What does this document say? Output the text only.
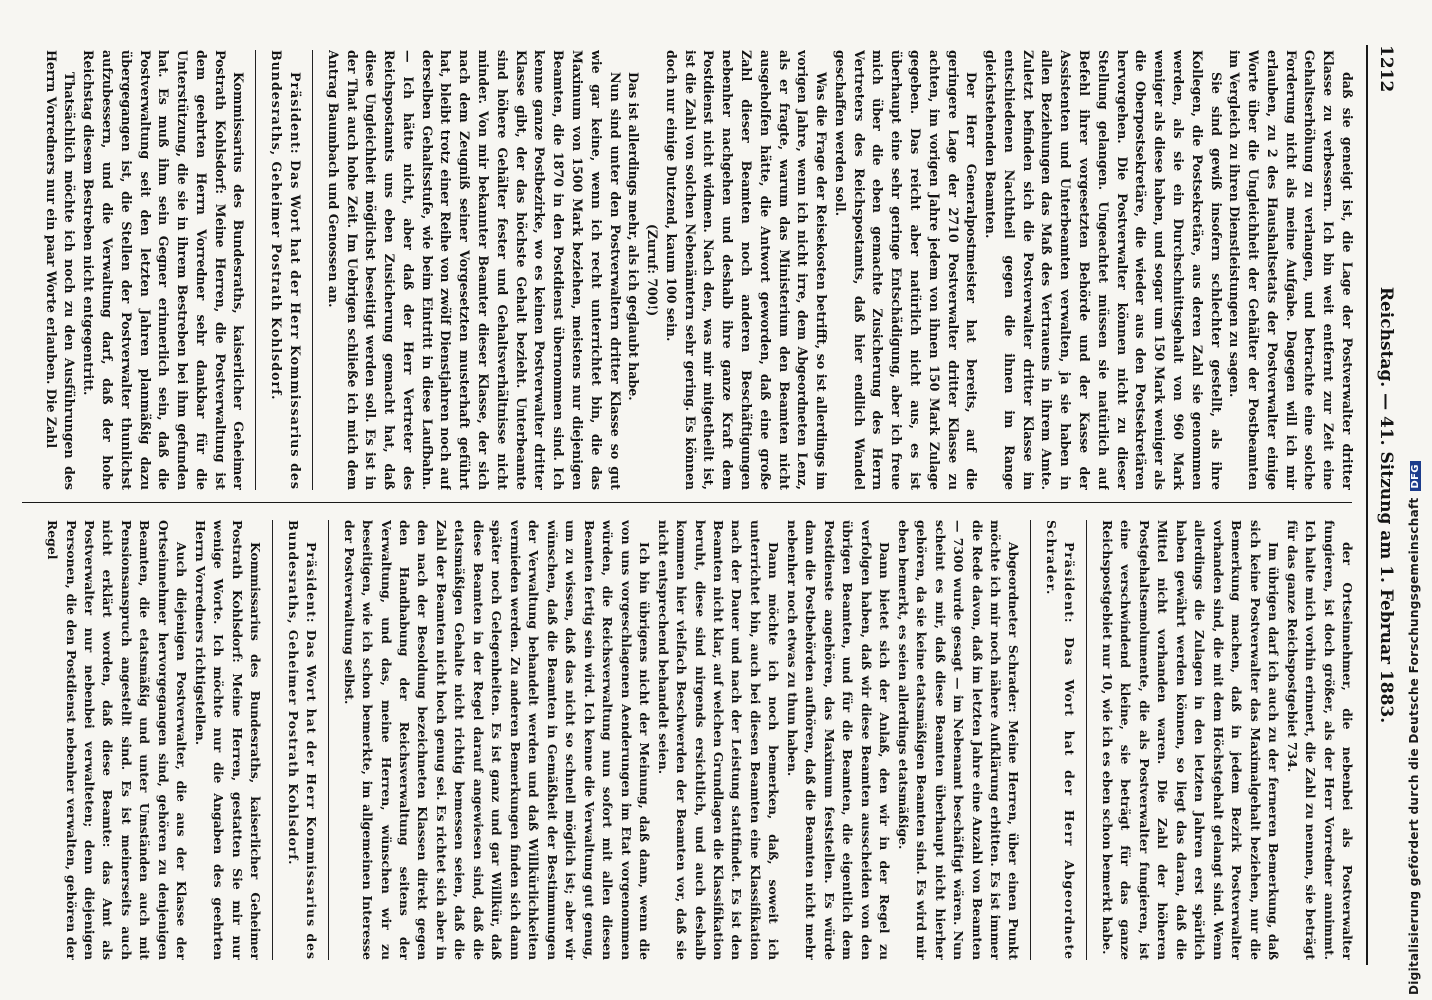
1212
Reichstag. — 41. Sitzung am 1. Februar 1883.

daß sie geneigt ist, die Lage der Postverwalter dritter Klasse zu verbessern. Ich bin weit entfernt zur Zeit eine Gehaltserhöhung zu verlangen, und betrachte eine solche Forderung nicht als meine Aufgabe. Dagegen will ich mir erlauben, zu 2 des Haushaltsetats der Postverwalter einige Worte über die Ungleichheit der Gehälter der Postbeamten im Vergleich zu ihren Dienstleistungen zu sagen.

Sie sind gewiß insofern schlechter gestellt, als ihre Kollegen, die Postsekretäre, aus deren Zahl sie genommen werden, als sie ein Durchschnittsgehalt von 960 Mark weniger als diese haben, und sogar um 150 Mark weniger als die Oberpostsekretäre, die wieder aus den Postsekretären hervorgehen. Die Postverwalter können nicht zu dieser Stellung gelangen. Ungeachtet müssen sie natürlich auf Befehl ihrer vorgesetzten Behörde und der Kasse der Assistenten und Unterbeamten verwalten, ja sie haben in allen Beziehungen das Maß des Vertrauens in ihrem Amte. Zuletzt befinden sich die Postverwalter dritter Klasse im entschiedenen Nachtheil gegen die ihnen im Range gleichstehenden Beamten.

Der Herr Generalpostmeister hat bereits, auf die geringere Lage der 2710 Postverwalter dritter Klasse zu achten, im vorigen Jahre jedem von ihnen 150 Mark Zulage gegeben. Das reicht aber natürlich nicht aus, es ist überhaupt eine sehr geringe Entschädigung, aber ich freue mich über die eben gemachte Zusicherung des Herrn Vertreters des Reichspostamts, daß hier endlich Wandel geschaffen werden soll.

Was die Frage der Reisekosten betrifft, so ist allerdings im vorigen Jahre, wenn ich nicht irre, dem Abgeordneten Lenz, als er fragte, warum das Ministerium den Beamten nicht ausgeholfen hätte, die Antwort geworden, daß eine große Zahl dieser Beamten noch anderen Beschäftigungen nebenher nachgehen und deshalb ihre ganze Kraft dem Postdienst nicht widmen. Nach den, was mir mitgetheilt ist, ist die Zahl von solchen Nebenämtern sehr gering. Es können doch nur einige Dutzend, kaum 100 sein.

(Zuruf: 700!)

Das ist allerdings mehr, als ich geglaubt habe.

Nun sind unter den Postverwaltern dritter Klasse so gut wie gar keine, wenn ich recht unterrichtet bin, die das Maximum von 1500 Mark beziehen, meistens nur diejenigen Beamten, die 1870 in den Postdienst übernommen sind. Ich kenne ganze Postbezirke, wo es keinen Postverwalter dritter Klasse gibt, der das höchste Gehalt bezieht. Unterbeamte sind höhere Gehälter fester und Gehaltsverhältnisse nicht minder. Von mir bekannter Beamter dieser Klasse, der sich nach dem Zeugniß seiner Vorgesetzten musterhaft geführt hat, bleibt trotz einer Reihe von zwölf Dienstjahren noch auf derselben Gehaltsstufe, wie beim Eintritt in diese Laufbahn. — Ich hätte nicht, aber daß der Herr Vertreter des Reichspostamts uns eben Zusicherung gemacht hat, daß diese Ungleichheit möglichst beseitigt werden soll. Es ist in der That auch hohe Zeit. Im Uebrigen schließe ich mich dem Antrag Baumbach und Genossen an.

Präsident: Das Wort hat der Herr Kommissarius des Bundesraths, Geheimer Postrath Kohlsdorf.

Kommissarius des Bundesraths, kaiserlicher Geheimer Postrath Kohlsdorf: Meine Herren, die Postverwaltung ist dem geehrten Herrn Vorredner sehr dankbar für die Unterstützung, die sie in ihrem Bestreben bei ihm gefunden hat. Es muß ihm sein Gegner erinnerlich sein, daß die Postverwaltung seit den letzten Jahren planmäßig dazu übergegangen ist, die Stellen der Postverwalter thunlichst aufzubessern, und die Verwaltung darf, daß der hohe Reichstag diesem Bestreben nicht entgegentritt.

Thatsächlich möchte ich noch zu den Ausführungen des Herrn Vorredners nur ein paar Worte erlauben. Die Zahl

der Ortseinnehmer, die nebenbei als Postverwalter fungieren, ist doch größer, als der Herr Vorredner annimmt. Ich halte mich vorhin erinnert, die Zahl zu nennen, sie beträgt für das ganze Reichspostgebiet 734.

Im übrigen darf ich auch zu der ferneren Bemerkung, daß sich keine Postverwalter das Maximalgehalt beziehen, nur die Bemerkung machen, daß in jedem Bezirk Postverwalter vorhanden sind, die mit dem Höchstgehalt gelangt sind. Wenn allerdings die Zulagen in den letzten Jahren erst spärlich haben gewährt werden können, so liegt das daran, daß die Mittel nicht vorhanden waren. Die Zahl der höheren Postgehaltsemolumente, die als Postverwalter fungieren, ist eine verschwindend kleine, sie beträgt für das ganze Reichspostgebiet nur 10, wie ich es eben schon bemerkt habe.

Präsident: Das Wort hat der Herr Abgeordnete Schrader.

Abgeordneter Schrader: Meine Herren, über einen Punkt möchte ich mir noch nähere Aufklärung erbitten. Es ist immer die Rede davon, daß im letzten Jahre eine Anzahl von Beamten — 7300 wurde gesagt — im Nebenamt beschäftigt wären. Nun scheint es mir, daß diese Beamten überhaupt nicht hierher gehören, da sie keine etatsmäßigen Beamten sind. Es wird mir eben bemerkt, es seien allerdings etatsmäßige.

Dann bietet sich der Anlaß, den wir in der Regel zu verfolgen haben, daß wir diese Beamten ausscheiden von den übrigen Beamten, und für die Beamten, die eigentlich dem Postdienste angehören, das Maximum feststellen. Es würde dann die Postbehörden aufhören, daß die Beamten nicht mehr nebenher noch etwas zu thun haben.

Dann möchte ich noch bemerken, daß, soweit ich unterrichtet bin, auch bei diesen Beamten eine Klassifikation nach der Dauer und nach der Leistung stattfindet. Es ist den Beamten nicht klar, auf welchen Grundlagen die Klassifikation beruht, diese sind nirgends ersichtlich, und auch deshalb kommen hier vielfach Beschwerden der Beamten vor, daß sie nicht entsprechend behandelt seien.

Ich bin übrigens nicht der Meinung, daß dann, wenn die von uns vorgeschlagenen Aenderungen im Etat vorgenommen würden, die Reichsverwaltung nun sofort mit allen diesen Beamten fertig sein wird. Ich kenne die Verwaltung gut genug, um zu wissen, daß das nicht so schnell möglich ist; aber wir wünschen, daß die Beamten in Gemäßheit der Bestimmungen der Verwaltung behandelt werden und daß Willkürlichkeiten vermieden werden. Zu anderen Bemerkungen finden sich dann später noch Gelegenheiten. Es ist ganz und gar Willkür, daß diese Beamten in der Regel darauf angewiesen sind, daß die etatsmäßigen Gehalte nicht richtig bemessen seien, daß die Zahl der Beamten nicht hoch genug sei. Es richtet sich aber in den nach der Besoldung bezeichneten Klassen direkt gegen den Handhabung der Reichsverwaltung seitens der Verwaltung, und das, meine Herren, wünschen wir zu beseitigen, wie ich schon bemerkte, im allgemeinen Interesse der Postverwaltung selbst.

Präsident: Das Wort hat der Herr Kommissarius des Bundesraths, Geheimer Postrath Kohlsdorf.

Kommissarius des Bundesraths, kaiserlicher Geheimer Postrath Kohlsdorf: Meine Herren, gestatten Sie mir nur wenige Worte. Ich möchte nur die Angaben des geehrten Herrn Vorredners richtigstellen.

Auch diejenigen Postverwalter, die aus der Klasse der Ortseinnehmer hervorgegangen sind, gehören zu denjenigen Beamten, die etatsmäßig und unter Umständen auch mit Pensionsanspruch angestellt sind. Es ist meinerseits auch nicht erklärt worden, daß diese Beamte: das Amt als Postverwalter nur nebenbei verwalteten; denn diejenigen Personen, die den Postdienst nebenher verwalten, gehören der Regel	Digitalisierung gefördert durch die Deutsche ForschungsgemeinschaftDFG
